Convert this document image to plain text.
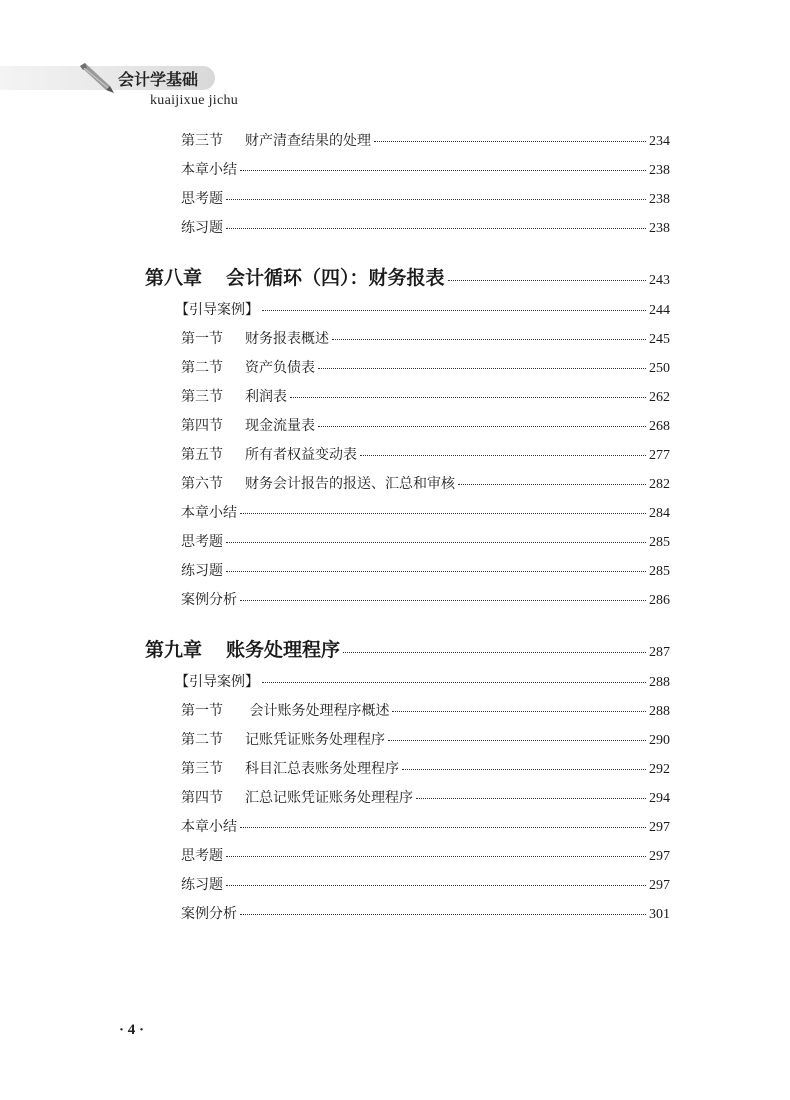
会计学基础
kuaijixue jichu
第三节 财产清查结果的处理	234
本章小结	238
思考题	238
练习题	238
第八章 会计循环（四）：财务报表	243
【引导案例】	244
第一节 财务报表概述	245
第二节 资产负债表	250
第三节 利润表	262
第四节 现金流量表	268
第五节 所有者权益变动表	277
第六节 财务会计报告的报送、汇总和审核	282
本章小结	284
思考题	285
练习题	285
案例分析	286
第九章 账务处理程序	287
【引导案例】	288
第一节 会计账务处理程序概述	288
第二节 记账凭证账务处理程序	290
第三节 科目汇总表账务处理程序	292
第四节 汇总记账凭证账务处理程序	294
本章小结	297
思考题	297
练习题	297
案例分析	301
· 4 ·
